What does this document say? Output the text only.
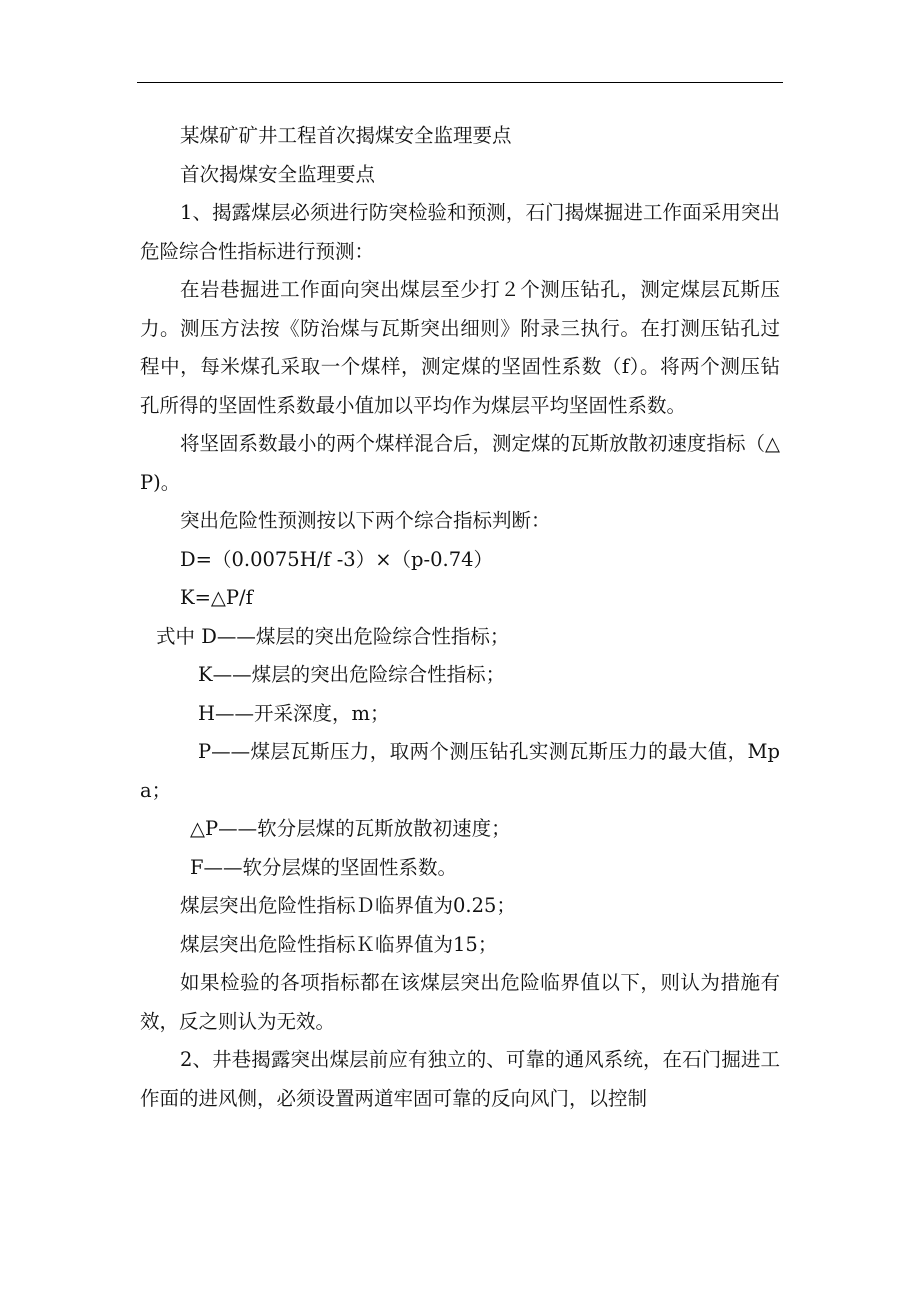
某煤矿矿井工程首次揭煤安全监理要点

首次揭煤安全监理要点

1、揭露煤层必须进行防突检验和预测，石门揭煤掘进工作面采用突出危险综合性指标进行预测：

在岩巷掘进工作面向突出煤层至少打２个测压钻孔，测定煤层瓦斯压力。测压方法按《防治煤与瓦斯突出细则》附录三执行。在打测压钻孔过程中，每米煤孔采取一个煤样，测定煤的坚固性系数（f）。将两个测压钻孔所得的坚固性系数最小值加以平均作为煤层平均坚固性系数。

将坚固系数最小的两个煤样混合后，测定煤的瓦斯放散初速度指标（△P)。

突出危险性预测按以下两个综合指标判断：

D=（0.0075H/f -3）×（p-0.74）

K=△P/f

式中 D——煤层的突出危险综合性指标；

K——煤层的突出危险综合性指标；

H——开采深度，m；

P——煤层瓦斯压力，取两个测压钻孔实测瓦斯压力的最大值，Mpa；

△P——软分层煤的瓦斯放散初速度；

F——软分层煤的坚固性系数。

煤层突出危险性指标Ｄ临界值为0.25；

煤层突出危险性指标Ｋ临界值为15；

如果检验的各项指标都在该煤层突出危险临界值以下，则认为措施有效，反之则认为无效。

2、井巷揭露突出煤层前应有独立的、可靠的通风系统，在石门掘进工作面的进风侧，必须设置两道牢固可靠的反向风门，以控制
